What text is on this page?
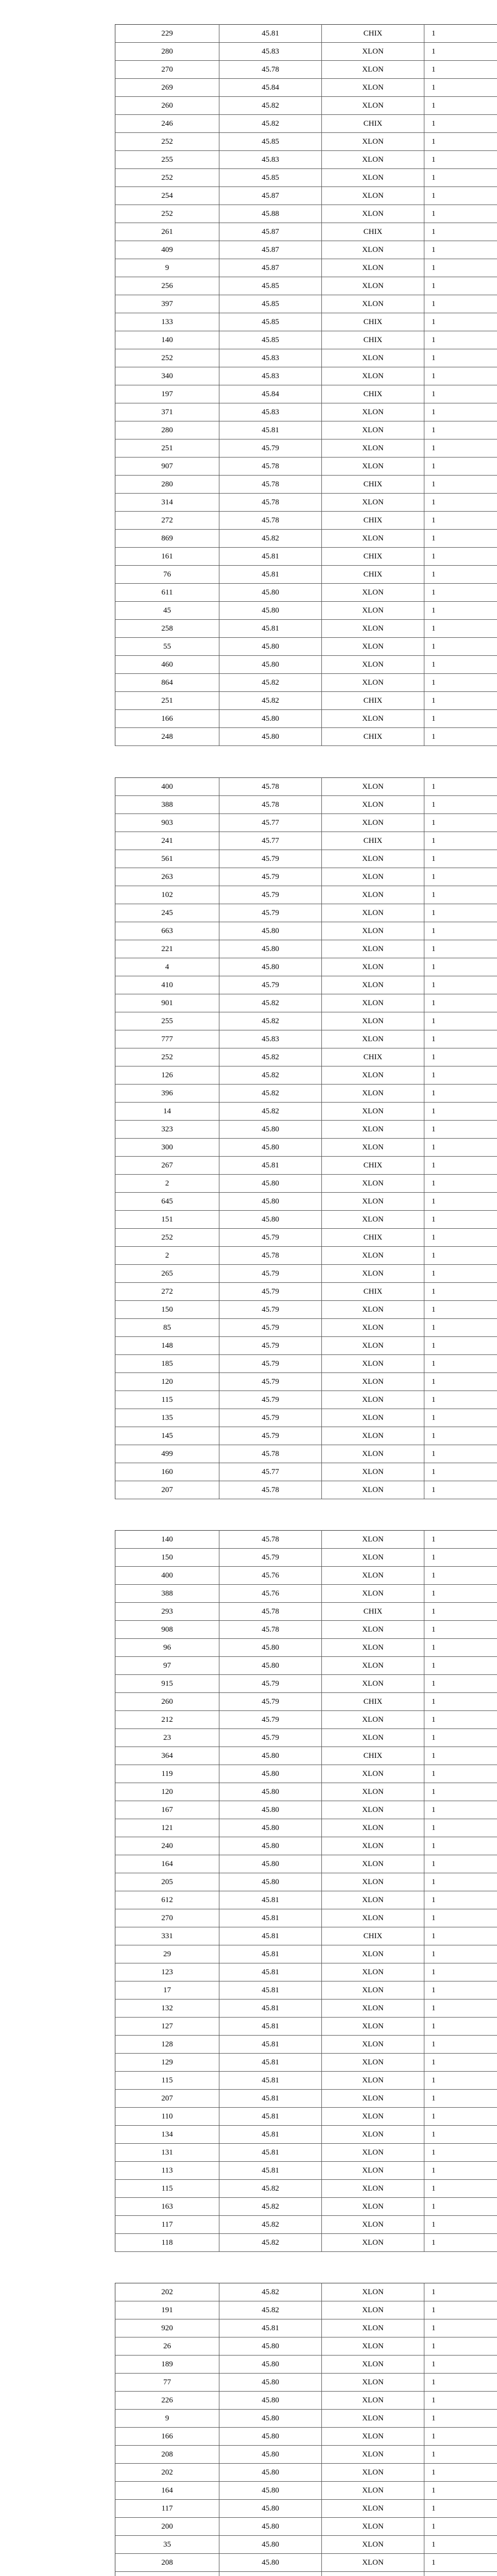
229	45.81	CHIX	1
280	45.83	XLON	1
270	45.78	XLON	1
269	45.84	XLON	1
260	45.82	XLON	1
246	45.82	CHIX	1
252	45.85	XLON	1
255	45.83	XLON	1
252	45.85	XLON	1
254	45.87	XLON	1
252	45.88	XLON	1
261	45.87	CHIX	1
409	45.87	XLON	1
9	45.87	XLON	1
256	45.85	XLON	1
397	45.85	XLON	1
133	45.85	CHIX	1
140	45.85	CHIX	1
252	45.83	XLON	1
340	45.83	XLON	1
197	45.84	CHIX	1
371	45.83	XLON	1
280	45.81	XLON	1
251	45.79	XLON	1
907	45.78	XLON	1
280	45.78	CHIX	1
314	45.78	XLON	1
272	45.78	CHIX	1
869	45.82	XLON	1
161	45.81	CHIX	1
76	45.81	CHIX	1
611	45.80	XLON	1
45	45.80	XLON	1
258	45.81	XLON	1
55	45.80	XLON	1
460	45.80	XLON	1
864	45.82	XLON	1
251	45.82	CHIX	1
166	45.80	XLON	1
248	45.80	CHIX	1
400	45.78	XLON	1
388	45.78	XLON	1
903	45.77	XLON	1
241	45.77	CHIX	1
561	45.79	XLON	1
263	45.79	XLON	1
102	45.79	XLON	1
245	45.79	XLON	1
663	45.80	XLON	1
221	45.80	XLON	1
4	45.80	XLON	1
410	45.79	XLON	1
901	45.82	XLON	1
255	45.82	XLON	1
777	45.83	XLON	1
252	45.82	CHIX	1
126	45.82	XLON	1
396	45.82	XLON	1
14	45.82	XLON	1
323	45.80	XLON	1
300	45.80	XLON	1
267	45.81	CHIX	1
2	45.80	XLON	1
645	45.80	XLON	1
151	45.80	XLON	1
252	45.79	CHIX	1
2	45.78	XLON	1
265	45.79	XLON	1
272	45.79	CHIX	1
150	45.79	XLON	1
85	45.79	XLON	1
148	45.79	XLON	1
185	45.79	XLON	1
120	45.79	XLON	1
115	45.79	XLON	1
135	45.79	XLON	1
145	45.79	XLON	1
499	45.78	XLON	1
160	45.77	XLON	1
207	45.78	XLON	1
140	45.78	XLON	1
150	45.79	XLON	1
400	45.76	XLON	1
388	45.76	XLON	1
293	45.78	CHIX	1
908	45.78	XLON	1
96	45.80	XLON	1
97	45.80	XLON	1
915	45.79	XLON	1
260	45.79	CHIX	1
212	45.79	XLON	1
23	45.79	XLON	1
364	45.80	CHIX	1
119	45.80	XLON	1
120	45.80	XLON	1
167	45.80	XLON	1
121	45.80	XLON	1
240	45.80	XLON	1
164	45.80	XLON	1
205	45.80	XLON	1
612	45.81	XLON	1
270	45.81	XLON	1
331	45.81	CHIX	1
29	45.81	XLON	1
123	45.81	XLON	1
17	45.81	XLON	1
132	45.81	XLON	1
127	45.81	XLON	1
128	45.81	XLON	1
129	45.81	XLON	1
115	45.81	XLON	1
207	45.81	XLON	1
110	45.81	XLON	1
134	45.81	XLON	1
131	45.81	XLON	1
113	45.81	XLON	1
115	45.82	XLON	1
163	45.82	XLON	1
117	45.82	XLON	1
118	45.82	XLON	1
202	45.82	XLON	1
191	45.82	XLON	1
920	45.81	XLON	1
26	45.80	XLON	1
189	45.80	XLON	1
77	45.80	XLON	1
226	45.80	XLON	1
9	45.80	XLON	1
166	45.80	XLON	1
208	45.80	XLON	1
202	45.80	XLON	1
164	45.80	XLON	1
117	45.80	XLON	1
200	45.80	XLON	1
35	45.80	XLON	1
208	45.80	XLON	1
